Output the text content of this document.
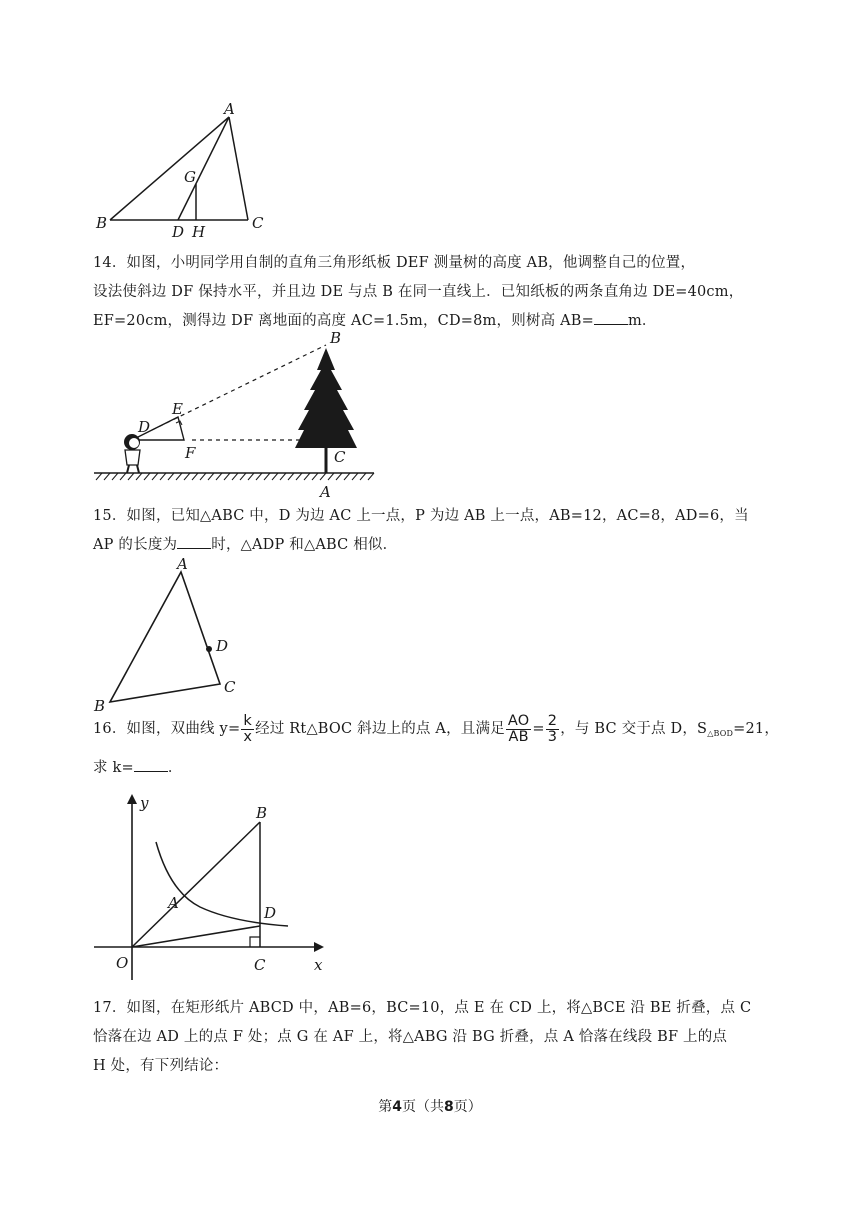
A
B	C
D H
G

14．如图，小明同学用自制的直角三角形纸板 DEF 测量树的高度 AB，他调整自己的位置，
设法使斜边 DF 保持水平，并且边 DE 与点 B 在同一直线上．已知纸板的两条直角边 DE=40cm，
EF=20cm，测得边 DF 离地面的高度 AC=1.5m，CD=8m，则树高 AB= m．

B
E
D
F	C
A

15．如图，已知△ABC 中，D 为边 AC 上一点，P 为边 AB 上一点，AB=12，AC=8，AD=6，当
AP 的长度为 时，△ADP 和△ABC 相似．

A
B
C
D

16．如图，双曲线 $y= \frac{k}{x}$ 经过 Rt△BOC 斜边上的点 A，且满足 $\frac{AO}{AB} = \frac{2}{3}$ ，与 BC 交于点 D，$S_{\triangle BOD}=21$，
求 k= ．

y
x
B
A
D
O	C

17．如图，在矩形纸片 ABCD 中，AB=6，BC=10，点 E 在 CD 上，将△BCE 沿 BE 折叠，点 C
恰落在边 AD 上的点 F 处；点 G 在 AF 上，将△ABG 沿 BG 折叠，点 A 恰落在线段 BF 上的点
H 处，有下列结论：

第4页（共8页）
